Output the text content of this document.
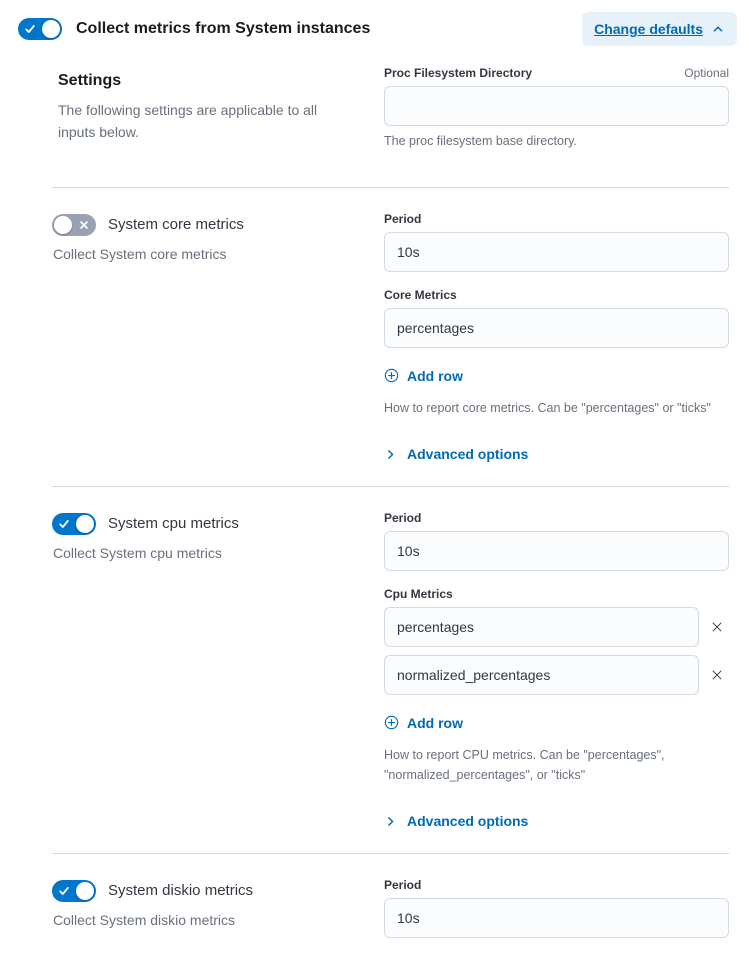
Collect metrics from System instances	Change defaults
Settings

The following settings are applicable to all inputs below.

Proc Filesystem Directory	Optional
The proc filesystem base directory.
System core metrics

Collect System core metrics

Period
10s
Core Metrics
percentages
Add row
How to report core metrics. Can be "percentages" or "ticks"
Advanced options
System cpu metrics

Collect System cpu metrics

Period
10s
Cpu Metrics
percentages
normalized_percentages
Add row
How to report CPU metrics. Can be "percentages", "normalized_percentages", or "ticks"
Advanced options
System diskio metrics

Collect System diskio metrics

Period
10s
